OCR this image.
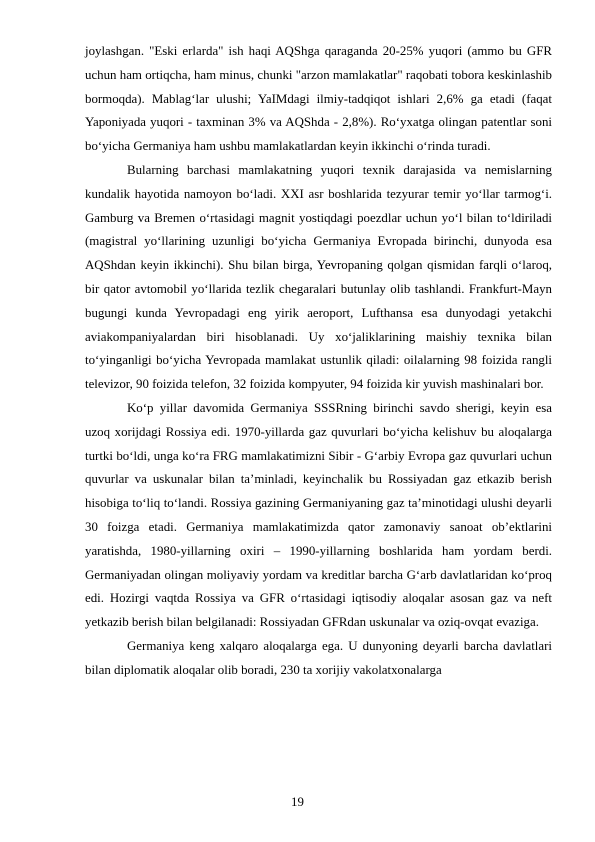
joylashgan. "Eski erlarda" ish haqi AQShga qaraganda 20-25% yuqori (ammo bu GFR uchun ham ortiqcha, ham minus, chunki "arzon mamlakatlar" raqobati tobora keskinlashib bormoqda). Mablag‘lar ulushi; YaIMdagi ilmiy-tadqiqot ishlari 2,6% ga etadi (faqat Yaponiyada yuqori - taxminan 3% va AQShda - 2,8%). Ro‘yxatga olingan patentlar soni bo‘yicha Germaniya ham ushbu mamlakatlardan keyin ikkinchi o‘rinda turadi.

Bularning barchasi mamlakatning yuqori texnik darajasida va nemislarning kundalik hayotida namoyon bo‘ladi. XXI asr boshlarida tezyurar temir yo‘llar tarmog‘i. Gamburg va Bremen o‘rtasidagi magnit yostiqdagi poezdlar uchun yo‘l bilan to‘ldiriladi (magistral yo‘llarining uzunligi bo‘yicha Germaniya Evropada birinchi, dunyoda esa AQShdan keyin ikkinchi). Shu bilan birga, Yevropaning qolgan qismidan farqli o‘laroq, bir qator avtomobil yo‘llarida tezlik chegaralari butunlay olib tashlandi. Frankfurt-Mayn bugungi kunda Yevropadagi eng yirik aeroport, Lufthansa esa dunyodagi yetakchi aviakompaniyalardan biri hisoblanadi. Uy xo‘jaliklarining maishiy texnika bilan to‘yinganligi bo‘yicha Yevropada mamlakat ustunlik qiladi: oilalarning 98 foizida rangli televizor, 90 foizida telefon, 32 foizida kompyuter, 94 foizida kir yuvish mashinalari bor.

Ko‘p yillar davomida Germaniya SSSRning birinchi savdo sherigi, keyin esa uzoq xorijdagi Rossiya edi. 1970-yillarda gaz quvurlari bo‘yicha kelishuv bu aloqalarga turtki bo‘ldi, unga ko‘ra FRG mamlakatimizni Sibir - G‘arbiy Evropa gaz quvurlari uchun quvurlar va uskunalar bilan ta’minladi, keyinchalik bu Rossiyadan gaz etkazib berish hisobiga to‘liq to‘landi. Rossiya gazining Germaniyaning gaz ta’minotidagi ulushi deyarli 30 foizga etadi. Germaniya mamlakatimizda qator zamonaviy sanoat ob’ektlarini yaratishda, 1980-yillarning oxiri – 1990-yillarning boshlarida ham yordam berdi. Germaniyadan olingan moliyaviy yordam va kreditlar barcha G‘arb davlatlaridan ko‘proq edi. Hozirgi vaqtda Rossiya va GFR o‘rtasidagi iqtisodiy aloqalar asosan gaz va neft yetkazib berish bilan belgilanadi: Rossiyadan GFRdan uskunalar va oziq-ovqat evaziga.

Germaniya keng xalqaro aloqalarga ega. U dunyoning deyarli barcha davlatlari bilan diplomatik aloqalar olib boradi, 230 ta xorijiy vakolatxonalarga

19
